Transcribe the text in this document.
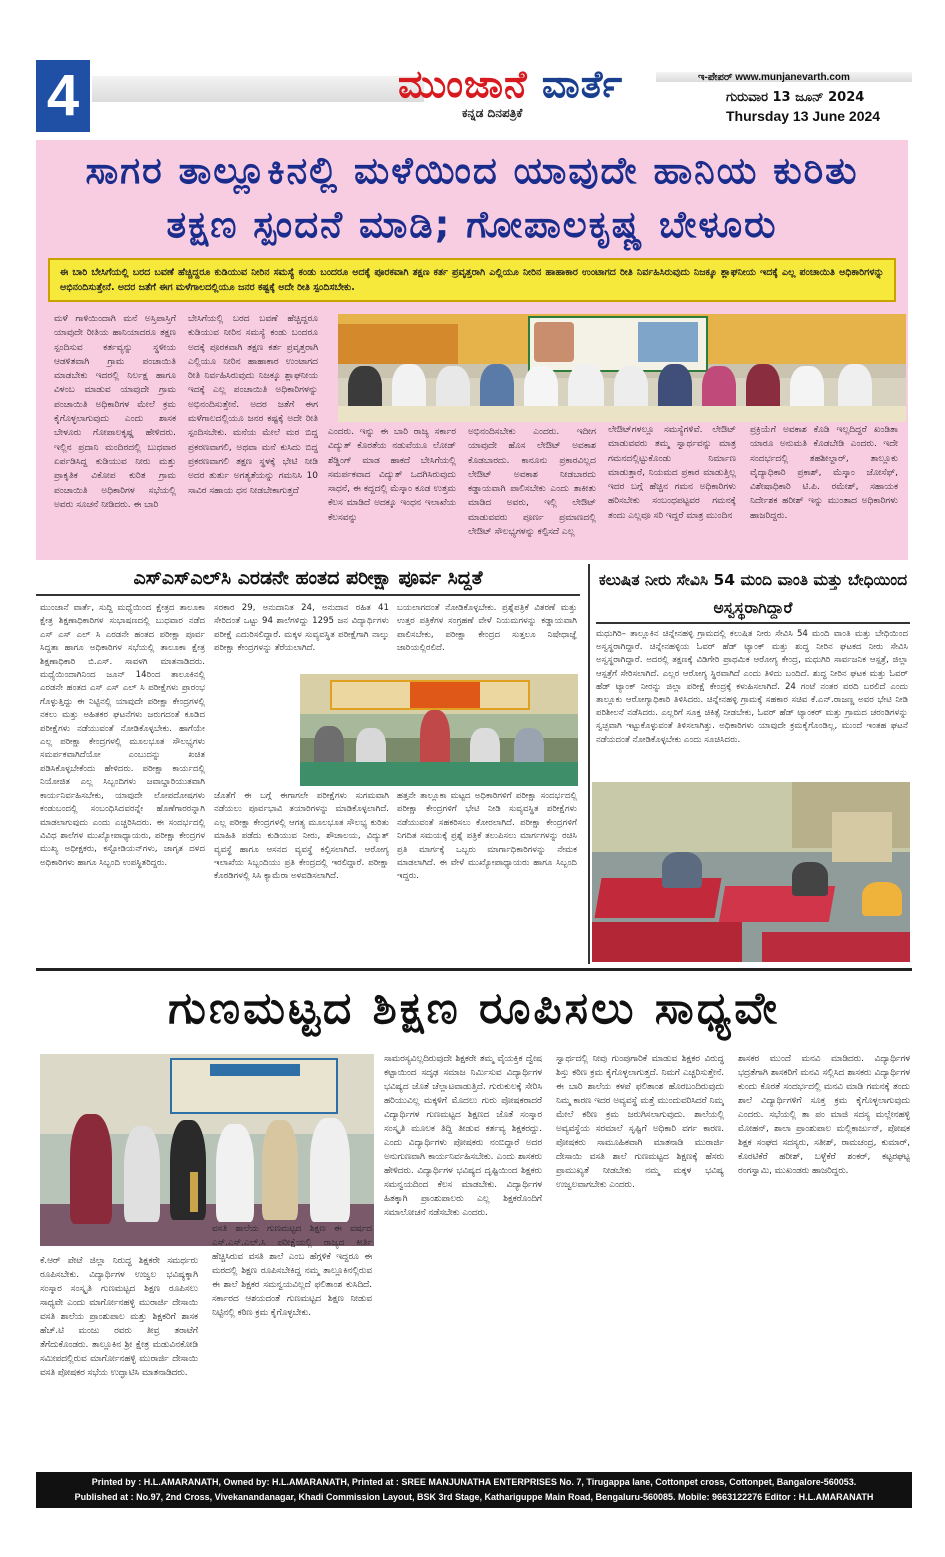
4	ಮುಂಜಾನೆ ವಾರ್ತೆ
ಕನ್ನಡ ದಿನಪತ್ರಿಕೆ
ಇ-ಪೇಪರ್ www.munjanevarth.com
ಗುರುವಾರ 13 ಜೂನ್ 2024
Thursday 13 June 2024
ಸಾಗರ ತಾಲ್ಲೂಕಿನಲ್ಲಿ ಮಳೆಯಿಂದ ಯಾವುದೇ ಹಾನಿಯ ಕುರಿತು ತಕ್ಷಣ ಸ್ಪಂದನೆ ಮಾಡಿ; ಗೋಪಾಲಕೃಷ್ಣ ಬೇಳೂರು
ಈ ಬಾರಿ ಬೇಸಿಗೆಯಲ್ಲಿ ಬರದ ಬವಣೆ ಹೆಚ್ಚಿದ್ದರೂ ಕುಡಿಯುವ ನೀರಿನ ಸಮಸ್ಯೆ ಕಂಡು ಬಂದರೂ ಅದಕ್ಕೆ ಪೂರಕವಾಗಿ ತಕ್ಷಣ ಕರ್ತ ಪ್ರವೃತ್ತರಾಗಿ ಎಲ್ಲಿಯೂ ನೀರಿನ ಹಾಹಾಕಾರ ಉಂಟಾಗದ ರೀತಿ ನಿರ್ವಹಿಸಿರುವುದು ನಿಜಕ್ಕೂ ಶ್ಲಾಘನೀಯ ಇದಕ್ಕೆ ಎಲ್ಲ ಪಂಚಾಯಿತಿ ಅಧಿಕಾರಿಗಳನ್ನು ಅಭಿನಂದಿಸುತ್ತೇನೆ. ಅದರ ಜತೆಗೆ ಈಗ ಮಳೆಗಾಲದಲ್ಲಿಯೂ ಜನರ ಕಷ್ಟಕ್ಕೆ ಅದೇ ರೀತಿ ಸ್ಪಂದಿಸಬೇಕು.
ಮಳೆ ಗಾಳಿಯಿಂದಾಗಿ ಮನೆ ಅಸ್ತಿಪಾಸ್ತಿಗೆ ಯಾವುದೇ ರೀತಿಯ ಹಾನಿಯಾದರೂ ತಕ್ಷಣ ಸ್ಪಂದಿಸುವ ಕರ್ತವ್ಯನ್ನು ಸ್ಥಳೀಯ ಆಡಳಿತವಾಗಿ ಗ್ರಾಮ ಪಂಚಾಯಿತಿ ಮಾಡಬೇಕು ಇದರಲ್ಲಿ ನಿರ್ಲಕ್ಷ ಹಾಗೂ ವಿಳಂಬ ಮಾಡುವ ಯಾವುದೇ ಗ್ರಾಮ ಪಂಚಾಯಿತಿ ಅಧಿಕಾರಿಗಳ ಮೇಲೆ ಕ್ರಮ ಕೈಗೊಳ್ಳಲಾಗುವುದು ಎಂದು ಶಾಸಕ ಬೇಳೂರು ಗೋಪಾಲಕೃಷ್ಣ ಹೇಳಿದರು. ಇಲ್ಲಿನ ಪ್ರದಾನಿ ಮಂದಿರದಲ್ಲಿ ಬುಧವಾರ ಏರ್ಪಡಿಸಿದ್ದ ಕುಡಿಯುವ ನೀರು ಮತ್ತು ಪ್ರಾಕೃತಿಕ ವಿಕೋಪ ಕುರಿತ ಗ್ರಾಮ ಪಂಚಾಯಿತಿ ಅಧಿಕಾರಿಗಳ ಸಭೆಯಲ್ಲಿ ಅವರು ಸೂಚನೆ ನೀಡಿದರು. ಈ ಬಾರಿ
ಬೇಸಿಗೆಯಲ್ಲಿ ಬರದ ಬವಣೆ ಹೆಚ್ಚಿದ್ದರೂ ಕುಡಿಯುವ ನೀರಿನ ಸಮಸ್ಯೆ ಕಂಡು ಬಂದರೂ ಅದಕ್ಕೆ ಪೂರಕವಾಗಿ ತಕ್ಷಣ ಕರ್ತ ಪ್ರವೃತ್ತರಾಗಿ ಎಲ್ಲಿಯೂ ನೀರಿನ ಹಾಹಾಕಾರ ಉಂಟಾಗದ ರೀತಿ ನಿರ್ವಹಿಸಿರುವುದು ನಿಜಕ್ಕೂ ಶ್ಲಾಘನೀಯ ಇದಕ್ಕೆ ಎಲ್ಲ ಪಂಚಾಯಿತಿ ಅಧಿಕಾರಿಗಳನ್ನು ಅಭಿನಂದಿಸುತ್ತೇನೆ. ಅದರ ಜತೆಗೆ ಈಗ ಮಳೆಗಾಲದಲ್ಲಿಯೂ ಜನರ ಕಷ್ಟಕ್ಕೆ ಅದೇ ರೀತಿ ಸ್ಪಂದಿಸಬೇಕು. ಮನೆಯ ಮೇಲೆ ಮರ ಬಿದ್ದ ಪ್ರಕರಣವಾಗಲಿ, ಅಥವಾ ಮನೆ ಕುಸಿದು ಬಿದ್ದ ಪ್ರಕರಣವಾಗಲಿ ತಕ್ಷಣ ಸ್ಥಳಕ್ಕೆ ಭೇಟಿ ನೀಡಿ ಅದರ ತುರ್ತು ಅಗತ್ಯತೆಯನ್ನು ಗಮನಿಸಿ 10 ಸಾವಿರ ಸಹಾಯ ಧನ ನೀಡಬೇಕಾಗುತ್ತದೆ
ಎಂದರು. ಇನ್ನು ಈ ಬಾರಿ ರಾಜ್ಯ ಸರ್ಕಾರ ವಿದ್ಯುತ್ ಕೊರತೆಯ ನಡುವೆಯೂ ಲೋಡ್ ಶೆಡ್ಡಿಂಗ್ ಮಾಡ ಹಾಕದೆ ಬೇಸಿಗೆಯಲ್ಲಿ ಸಮರ್ಪಕವಾದ ವಿದ್ಯುತ್ ಒದಗಿಸಿರುವುದು ಸಾಧನೆ, ಈ ಕದ್ದದಲ್ಲಿ ಮೆಸ್ಕಾಂ ಕೂಡ ಉತ್ತಮ ಕೆಲಸ ಮಾಡಿದೆ ಅದಕ್ಕೂ ಇಂಧನ ಇಲಾಖೆಯ ಕೆಲಸವನ್ನು
ಅಭಿನಂದಿಸಬೇಕು ಎಂದರು. ಇದೀಗ ಯಾವುದೇ ಹೊಸ ಲೇಔಟ್ ಅವಕಾಶ ಕೊಡಬಾರದು. ಕಾನೂನು ಪ್ರಕಾರವಿಲ್ಲದ ಲೇಔಟ್ ಅವಕಾಶ ನೀಡಬಾರದು ಕಡ್ಡಾಯವಾಗಿ ಪಾಲಿಸಬೇಕು ಎಂದು ತಾಕೀತು ಮಾಡಿದ ಅವರು, ಇಲ್ಲಿ ಲೇಔಟ್ ಮಾಡುವವರು ಪೂರ್ಣ ಪ್ರಮಾಣದಲ್ಲಿ ಲೇಔಟ್ ಸೌಲಭ್ಯಗಳನ್ನು ಕಲ್ಪಿಸದೆ ಎಲ್ಲ
ಲೇಔಟ್‌ಗಳಲ್ಲೂ ಸಮಸ್ಯೆಗಳಿವೆ. ಲೇಔಟ್ ಮಾಡುವವರು ತಮ್ಮ ಸ್ವಾರ್ಥವನ್ನು ಮಾತ್ರ ಗಮನದಲ್ಲಿಟ್ಟುಕೊಂಡು ನಿರ್ಮಾಣ ಮಾಡುತ್ತಾರೆ, ನಿಯಮದ ಪ್ರಕಾರ ಮಾಡುತ್ತಿಲ್ಲ ಇದರ ಬಗ್ಗೆ ಹೆಚ್ಚಿನ ಗಮನ ಅಧಿಕಾರಿಗಳು ಹರಿಸಬೇಕು ಸಂಬಂಧಪಟ್ಟವರ ಗಮನಕ್ಕೆ ತಂದು ಎಲ್ಲವೂ ಸರಿ ಇದ್ದರೆ ಮಾತ್ರ ಮುಂದಿನ
ಪ್ರಕ್ರಿಯೆಗೆ ಅವಕಾಶ ಕೊಡಿ ಇಲ್ಲದಿದ್ದರೆ ಖಂಡಿತಾ ಯಾರೂ ಅನುಮತಿ ಕೊಡಬೇಡಿ ಎಂದರು. ಇದೇ ಸಂದರ್ಭದಲ್ಲಿ ತಹಶೀಲ್ದಾರ್, ತಾಲ್ಲೂಕು ವೈದ್ಯಾಧಿಕಾರಿ ಪ್ರಕಾಶ್, ಮೆಸ್ಕಾಂ ಜೋಸೆಫ್, ವಿಶೇಷಾಧಿಕಾರಿ ಟಿ.ಪಿ. ರಮೇಶ್, ಸಹಾಯಕ ನಿರ್ದೇಶಕ ಹರೀಶ್ ಇನ್ನು ಮುಂತಾದ ಅಧಿಕಾರಿಗಳು ಹಾಜರಿದ್ದರು.
ಎಸ್‌ಎಸ್‌ಎಲ್‌ಸಿ ಎರಡನೇ ಹಂತದ ಪರೀಕ್ಷಾ ಪೂರ್ವ ಸಿದ್ದತೆ
ಮುಂಜಾನೆ ವಾರ್ತೆ, ಸುದ್ದಿ ಮಧ್ಯೆಯಿಂದ ಕ್ಷೇತ್ರದ ತಾಲೂಕಾ ಕ್ಷೇತ್ರ ಶಿಕ್ಷಣಾಧಿಕಾರಿಗಳ ಸುಭಾಷಣದಲ್ಲಿ ಬುಧವಾರ ನಡೆದ ಎಸ್ ಎಸ್ ಎಲ್ ಸಿ ಎರಡನೇ ಹಂತದ ಪರೀಕ್ಷಾ ಪೂರ್ವ ಸಿದ್ದತಾ ಹಾಗೂ ಅಧಿಕಾರಿಗಳ ಸಭೆಯಲ್ಲಿ ತಾಲೂಕಾ ಕ್ಷೇತ್ರ ಶಿಕ್ಷಣಾಧಿಕಾರಿ ಬಿ.ಎಸ್. ಸಾವಳಗಿ ಮಾತನಾಡಿದರು. ಮಧ್ಯೆಯಿಂದಾಗಿನಿಂದ ಜೂನ್ 14ರಿಂದ ತಾಲೂಕಿನಲ್ಲಿ ಎರಡನೇ ಹಂತದ ಎಸ್ ಎಸ್ ಎಲ್ ಸಿ ಪರೀಕ್ಷೆಗಳು ಪ್ರಾರಂಭ ಗೊಳ್ಳುತ್ತಿದ್ದು ಈ ನಿಟ್ಟಿನಲ್ಲಿ ಯಾವುದೇ ಪರೀಕ್ಷಾ ಕೇಂದ್ರಗಳಲ್ಲಿ ನಕಲು ಮತ್ತು ಅಹಿತಕರ ಘಟನೆಗಳು ಜರುಗದಂತೆ ಕೂಡಿದ ಪರೀಕ್ಷೆಗಳು ನಡೆಯುವಂತೆ ನೋಡಿಕೊಳ್ಳಬೇಕು. ಹಾಗೆಯೇ ಎಲ್ಲ ಪರೀಕ್ಷಾ ಕೇಂದ್ರಗಳಲ್ಲಿ ಮೂಲಭೂತ ಸೌಲಭ್ಯಗಳು ಸಮರ್ಪಕವಾಗಿದೆಯೋ ಎಂಬುದನ್ನು ಖಚಿತ ಪಡಿಸಿಕೊಳ್ಳಬೇಕೆಂದು ಹೇಳಿದರು. ಪರೀಕ್ಷಾ ಕಾರ್ಯದಲ್ಲಿ ನಿಯೋಜಿತ ಎಲ್ಲ ಸಿಬ್ಬಂದಿಗಳು ಜವಾಬ್ದಾರಿಯುತವಾಗಿ ಕಾರ್ಯನಿರ್ವಹಿಸಬೇಕು, ಯಾವುದೇ ಲೋಪದೋಷಗಳು ಕಂಡುಬಂದಲ್ಲಿ ಸಂಬಂಧಿಸಿದವರನ್ನೇ ಹೊಣೆಗಾರರನ್ನಾಗಿ ಮಾಡಲಾಗುವುದು ಎಂದು ಎಚ್ಚರಿಸಿದರು. ಈ ಸಂದರ್ಭದಲ್ಲಿ ವಿವಿಧ ಶಾಲೆಗಳ ಮುಖ್ಯೋಪಾಧ್ಯಾಯರು, ಪರೀಕ್ಷಾ ಕೇಂದ್ರಗಳ ಮುಖ್ಯ ಅಧೀಕ್ಷಕರು, ಕಸ್ಟೋಡಿಯನ್‌ಗಳು, ಜಾಗೃತ ದಳದ ಅಧಿಕಾರಿಗಳು ಹಾಗೂ ಸಿಬ್ಬಂದಿ ಉಪಸ್ಥಿತರಿದ್ದರು.
ಸರಕಾರ 29, ಅನುದಾನಿತ 24, ಅನುದಾನ ರಹಿತ 41 ಸೇರಿದಂತೆ ಒಟ್ಟು 94 ಶಾಲೆಗಳಿದ್ದು 1295 ಜನ ವಿದ್ಯಾರ್ಥಿಗಳು ಪರೀಕ್ಷೆ ಎದುರಿಸಲಿದ್ದಾರೆ. ಮಕ್ಕಳ ಸುವ್ಯವಸ್ಥಿತ ಪರೀಕ್ಷೆಗಾಗಿ ನಾಲ್ಕು ಪರೀಕ್ಷಾ ಕೇಂದ್ರಗಳನ್ನು ತೆರೆಯಲಾಗಿದೆ.
ಬಯಲಾಗದಂತೆ ನೋಡಿಕೊಳ್ಳಬೇಕು. ಪ್ರಶ್ನೆಪತ್ರಿಕೆ ವಿತರಣೆ ಮತ್ತು ಉತ್ತರ ಪತ್ರಿಕೆಗಳ ಸಂಗ್ರಹಣೆ ವೇಳೆ ನಿಯಮಗಳನ್ನು ಕಡ್ಡಾಯವಾಗಿ ಪಾಲಿಸಬೇಕು, ಪರೀಕ್ಷಾ ಕೇಂದ್ರದ ಸುತ್ತಲೂ ನಿಷೇಧಾಜ್ಞೆ ಜಾರಿಯಲ್ಲಿರಲಿದೆ.
ಜೊತೆಗೆ ಈ ಬಗ್ಗೆ ಈಗಾಗಲೇ ಪರೀಕ್ಷೆಗಳು ಸುಗಮವಾಗಿ ನಡೆಯಲು ಪೂರ್ವಭಾವಿ ತಯಾರಿಗಳನ್ನು ಮಾಡಿಕೊಳ್ಳಲಾಗಿದೆ. ಎಲ್ಲ ಪರೀಕ್ಷಾ ಕೇಂದ್ರಗಳಲ್ಲಿ ಆಗತ್ಯ ಮೂಲಭೂತ ಸೌಲಭ್ಯ ಕುರಿತು ಮಾಹಿತಿ ಪಡೆದು ಕುಡಿಯುವ ನೀರು, ಶೌಚಾಲಯ, ವಿದ್ಯುತ್ ವ್ಯವಸ್ಥೆ ಹಾಗೂ ಆಸನದ ವ್ಯವಸ್ಥೆ ಕಲ್ಪಿಸಲಾಗಿದೆ. ಆರೋಗ್ಯ ಇಲಾಖೆಯ ಸಿಬ್ಬಂದಿಯು ಪ್ರತಿ ಕೇಂದ್ರದಲ್ಲಿ ಇರಲಿದ್ದಾರೆ. ಪರೀಕ್ಷಾ ಕೊಠಡಿಗಳಲ್ಲಿ ಸಿಸಿ ಕ್ಯಾಮೆರಾ ಅಳವಡಿಸಲಾಗಿದೆ.
ಹತ್ತನೇ ತಾಲ್ಲೂಕಾ ಮಟ್ಟದ ಅಧಿಕಾರಿಗಳಿಗೆ ಪರೀಕ್ಷಾ ಸಂದರ್ಭದಲ್ಲಿ ಪರೀಕ್ಷಾ ಕೇಂದ್ರಗಳಿಗೆ ಭೇಟಿ ನೀಡಿ ಸುವ್ಯವಸ್ಥಿತ ಪರೀಕ್ಷೆಗಳು ನಡೆಯುವಂತೆ ಸಹಕರಿಸಲು ಕೋರಲಾಗಿದೆ. ಪರೀಕ್ಷಾ ಕೇಂದ್ರಗಳಿಗೆ ನಿಗದಿತ ಸಮಯಕ್ಕೆ ಪ್ರಶ್ನೆ ಪತ್ರಿಕೆ ತಲುಪಿಸಲು ಮಾರ್ಗಗಳನ್ನು ರಚಿಸಿ ಪ್ರತಿ ಮಾರ್ಗಕ್ಕೆ ಒಬ್ಬರು ಮಾರ್ಗಾಧಿಕಾರಿಗಳನ್ನು ನೇಮಕ ಮಾಡಲಾಗಿದೆ. ಈ ವೇಳೆ ಮುಖ್ಯೋಪಾಧ್ಯಾಯರು ಹಾಗೂ ಸಿಬ್ಬಂದಿ ಇದ್ದರು.
ಕಲುಷಿತ ನೀರು ಸೇವಿಸಿ 54 ಮಂದಿ ವಾಂತಿ ಮತ್ತು ಬೇಧಿಯಿಂದ ಅಸ್ವಸ್ಥರಾಗಿದ್ದಾರೆ
ಮಧುಗಿರಿ– ತಾಲ್ಲೂಕಿನ ಚಿನ್ನೇನಹಳ್ಳಿ ಗ್ರಾಮದಲ್ಲಿ ಕಲುಷಿತ ನೀರು ಸೇವಿಸಿ 54 ಮಂದಿ ವಾಂತಿ ಮತ್ತು ಬೇಧಿಯಿಂದ ಅಸ್ವಸ್ಥರಾಗಿದ್ದಾರೆ. ಚಿನ್ನೇನಹಳ್ಳಿಯ ಓವರ್ ಹೆಡ್ ಟ್ಯಾಂಕ್ ಮತ್ತು ಶುದ್ಧ ನೀರಿನ ಘಟಕದ ನೀರು ಸೇವಿಸಿ ಅಸ್ವಸ್ಥರಾಗಿದ್ದಾರೆ. ಅದರಲ್ಲಿ ತಕ್ಷಣಕ್ಕೆ ವಿಡಿಗೇರಿ ಪ್ರಾಥಮಿಕ ಆರೋಗ್ಯ ಕೇಂದ್ರ, ಮಧುಗಿರಿ ಸಾರ್ವಜನಿಕ ಆಸ್ಪತ್ರೆ, ಜಿಲ್ಲಾ ಆಸ್ಪತ್ರೆಗೆ ಸೇರಿಸಲಾಗಿದೆ. ಎಲ್ಲರ ಆರೋಗ್ಯ ಸ್ಥಿರವಾಗಿದೆ ಎಂದು ತಿಳಿದು ಬಂದಿದೆ. ಶುದ್ಧ ನೀರಿನ ಘಟಕ ಮತ್ತು ಓವರ್ ಹೆಡ್ ಟ್ಯಾಂಕ್ ನೀರನ್ನು ಜಿಲ್ಲಾ ಪರೀಕ್ಷೆ ಕೇಂದ್ರಕ್ಕೆ ಕಳುಹಿಸಲಾಗಿದೆ. 24 ಗಂಟೆ ನಂತರ ವರದಿ ಬರಲಿದೆ ಎಂದು ತಾಲ್ಲೂಕು ಆರೋಗ್ಯಾಧಿಕಾರಿ ತಿಳಿಸಿದರು. ಚಿನ್ನೇನಹಳ್ಳಿ ಗ್ರಾಮಕ್ಕೆ ಸಹಕಾರ ಸಚಿವ ಕೆ.ಎನ್.ರಾಜಣ್ಣ ಅವರ ಭೇಟಿ ನೀಡಿ ಪರಿಶೀಲನೆ ನಡೆಸಿದರು. ಎಲ್ಲರಿಗೆ ಸೂಕ್ತ ಚಿಕಿತ್ಸೆ ನೀಡಬೇಕು, ಓವರ್ ಹೆಡ್ ಟ್ಯಾಂಕರ್ ಮತ್ತು ಗ್ರಾಮದ ಚರಂಡಿಗಳನ್ನು ಸ್ವಚ್ಛವಾಗಿ ಇಟ್ಟುಕೊಳ್ಳುವಂತೆ ತಿಳಿಸಲಾಗಿತ್ತು. ಅಧಿಕಾರಿಗಳು ಯಾವುದೇ ಕ್ರಮಕೈಗೊಂಡಿಲ್ಲ, ಮುಂದೆ ಇಂತಹ ಘಟನೆ ನಡೆಯದಂತೆ ನೋಡಿಕೊಳ್ಳಬೇಕು ಎಂದು ಸೂಚಿಸಿದರು.
ಗುಣಮಟ್ಟದ ಶಿಕ್ಷಣ ರೂಪಿಸಲು ಸಾಧ್ಯವೇ
ಕೆ.ಆರ್ ಪೇಟೆ ಜಿಲ್ಲಾ ನಿರುದ್ಧ ಶಿಕ್ಷಕರೇ ಸಮರ್ಥರು ರೂಪಿಸಬೇಕು. ವಿದ್ಯಾರ್ಥಿಗಳ ಉಜ್ವಲ ಭವಿಷ್ಯಕ್ಕಾಗಿ ಸಂಸ್ಕಾರ ಸಂಸ್ಕೃತಿ ಗುಣಮಟ್ಟದ ಶಿಕ್ಷಣ ರೂಪಿಸಲು ಸಾಧ್ಯವೇ ಎಂದು ಮಾರ್ಗೋನಹಳ್ಳಿ ಮುರಾರ್ಜಿ ದೇಸಾಯಿ ವಸತಿ ಶಾಲೆಯ ಪ್ರಾಂಶುಪಾಲ ಮತ್ತು ಶಿಕ್ಷಕರಿಗೆ ಶಾಸಕ ಹೆಚ್.ಟಿ ಮಂಜು ರವರು ತೀವ್ರ ತರಾಟೆಗೆ ತೆಗೆದುಕೊಂಡರು. ತಾಲ್ಲೂಕಿನ ಶ್ರೀ ಕ್ಷೇತ್ರ ಮಡುವಿನಕೋಡಿ ಸಮೀಪದಲ್ಲಿರುವ ಮಾರ್ಗೋನಹಳ್ಳಿ ಮುರಾರ್ಜಿ ದೇಸಾಯಿ ವಸತಿ ಪೋಷಕರ ಸಭೆಯ ಉದ್ಘಾಟಿಸಿ ಮಾತನಾಡಿದರು.
ವಸತಿ ಶಾಲೆಯ ಗುಣಮಟ್ಟದ ಶಿಕ್ಷಣ ಈ ವರ್ಷದ ಎಸ್.ಎಸ್.ಎಲ್.ಸಿ ಪರೀಕ್ಷೆಯಲ್ಲಿ ರಾಜ್ಯದ ಕೀರ್ತಿ ಹೆಚ್ಚಿಸಿರುವ ವಸತಿ ಶಾಲೆ ಎಂಬ ಹೆಗ್ಗಳಿಕೆ ಇದ್ದರೂ ಈ ಮರದಲ್ಲಿ ಶಿಕ್ಷಣ ರೂಪಿಸಬೇಕಿದ್ದ ನಮ್ಮ ತಾಲ್ಲೂಕಿನಲ್ಲಿರುವ ಈ ಶಾಲೆ ಶಿಕ್ಷಕರ ಸಮನ್ವಯವಿಲ್ಲದೆ ಫಲಿತಾಂಶ ಕುಸಿದಿದೆ. ಸರ್ಕಾರದ ಆಶಯದಂತೆ ಗುಣಮಟ್ಟದ ಶಿಕ್ಷಣ ನೀಡುವ ನಿಟ್ಟಿನಲ್ಲಿ ಕಠಿಣ ಕ್ರಮ ಕೈಗೊಳ್ಳಬೇಕು.
ಸಾಮರಸ್ಯವಿಲ್ಲದಿರುವುದೇ ಶಿಕ್ಷಕರೇ ತಮ್ಮ ವೈಯಕ್ತಿಕ ದ್ವೇಷ ಕಟ್ಟಾಯಿಂದ ಸದೃಢ ಸಮಾಜ ನಿರ್ಮಿಸುವ ವಿದ್ಯಾರ್ಥಿಗಳ ಭವಿಷ್ಯದ ಜೊತೆ ಚೆಲ್ಲಾಟವಾಡುತ್ತಿದೆ. ಗುರುಕುಲಕ್ಕೆ ಸೇರಿಸಿ ಹರಿಯುವಿಲ್ಲ ಮಕ್ಕಳಿಗೆ ಮೊದಲು ಗುರು ಪೋಷಕರಾದರೆ ವಿದ್ಯಾರ್ಥಿಗಳ ಗುಣಮಟ್ಟದ ಶಿಕ್ಷಣದ ಜೊತೆ ಸಂಸ್ಕಾರ ಸಂಸ್ಕೃತಿ ಮೂಲಕ ತಿದ್ದಿ ತೀಡುವ ಕರ್ತವ್ಯ ಶಿಕ್ಷಕರದ್ದು. ಎಂದು ವಿದ್ಯಾರ್ಥಿಗಳು ಪೋಷಕರು ನಂಬಿದ್ದಾರೆ ಅದರ ಅನುಗುಣವಾಗಿ ಕಾರ್ಯನಿರ್ವಹಿಸಬೇಕು. ಎಂದು ಶಾಸಕರು ಹೇಳಿದರು. ವಿದ್ಯಾರ್ಥಿಗಳ ಭವಿಷ್ಯದ ದೃಷ್ಟಿಯಿಂದ ಶಿಕ್ಷಕರು ಸಮನ್ವಯದಿಂದ ಕೆಲಸ ಮಾಡಬೇಕು. ವಿದ್ಯಾರ್ಥಿಗಳ ಹಿತಕ್ಕಾಗಿ ಪ್ರಾಂಶುಪಾಲರು ಎಲ್ಲ ಶಿಕ್ಷಕರೊಂದಿಗೆ ಸಮಾಲೋಚನೆ ನಡೆಸಬೇಕು ಎಂದರು.
ಸ್ವಾರ್ಥದಲ್ಲಿ ನೀವು ಗುಂಪುಗಾರಿಕೆ ಮಾಡುವ ಶಿಕ್ಷಕರ ವಿರುದ್ಧ ಶಿಸ್ತು ಕಠಿಣ ಕ್ರಮ ಕೈಗೊಳ್ಳಲಾಗುತ್ತದೆ. ನಿಮಗೆ ಎಚ್ಚರಿಸುತ್ತೇನೆ. ಈ ಬಾರಿ ಶಾಲೆಯ ಕಳಪೆ ಫಲಿತಾಂಶ ಹೊರಬಂದಿರುವುದು ನಿಮ್ಮ ಕಾರಣ ಇದರ ಅವ್ಯವಸ್ಥೆ ಮತ್ತೆ ಮುಂದುವರಿಸಿದರೆ ನಿಮ್ಮ ಮೇಲೆ ಕಠಿಣ ಕ್ರಮ ಜರುಗಿಸಲಾಗುವುದು. ಶಾಲೆಯಲ್ಲಿ ಅವ್ಯವಸ್ಥೆಯ ಸರಮಾಲೆ ಸೃಷ್ಟಿಗೆ ಅಧಿಕಾರಿ ವರ್ಗ ಕಾರಣ. ಪೋಷಕರು ಸಾಮೂಹಿಕವಾಗಿ ಮಾತನಾಡಿ ಮುರಾರ್ಜಿ ದೇಸಾಯಿ ವಸತಿ ಶಾಲೆ ಗುಣಮಟ್ಟದ ಶಿಕ್ಷಣಕ್ಕೆ ಹೆಸರು ಪ್ರಾಮುಖ್ಯತೆ ನೀಡಬೇಕು ನಮ್ಮ ಮಕ್ಕಳ ಭವಿಷ್ಯ ಉಜ್ವಲವಾಗಬೇಕು ಎಂದರು.
ಶಾಸಕರ ಮುಂದೆ ಮನವಿ ಮಾಡಿದರು. ವಿದ್ಯಾರ್ಥಿಗಳ ಭದ್ರತೆಗಾಗಿ ಶಾಸಕರಿಗೆ ಮನವಿ ಸಲ್ಲಿಸಿದ ಶಾಸಕರು ವಿದ್ಯಾರ್ಥಿಗಳ ಕುಂದು ಕೊರತೆ ಸಂದರ್ಭದಲ್ಲಿ ಮನವಿ ಮಾಡಿ ಗಮನಕ್ಕೆ ತಂದು ಶಾಲೆ ವಿದ್ಯಾರ್ಥಿಗಳಿಗೆ ಸೂಕ್ತ ಕ್ರಮ ಕೈಗೊಳ್ಳಲಾಗುವುದು ಎಂದರು. ಸಭೆಯಲ್ಲಿ ತಾ ಪಂ ಮಾಜಿ ಸದಸ್ಯ ಮಲ್ಲೇನಹಳ್ಳಿ ಮೋಹನ್, ಶಾಲಾ ಪ್ರಾಂಶುಪಾಲ ಮಲ್ಲಿಕಾರ್ಜುನ್, ಪೋಷಕ ಶಿಕ್ಷಕ ಸಂಘದ ಸದಸ್ಯರು, ಸತೀಶ್, ರಾಮಚಂದ್ರ, ಕುಮಾರ್, ಕೊರಟಿಕೆರೆ ಹರೀಶ್, ಬಳ್ಳೆಕೆರೆ ಶಂಕರ್, ಕಟ್ಟರಘಟ್ಟ ರಂಗಸ್ವಾಮಿ, ಮುಖಂಡರು ಹಾಜರಿದ್ದರು.
Printed by : H.L.AMARANATH, Owned by: H.L.AMARANATH, Printed at : SREE MANJUNATHA ENTERPRISES No. 7, Tirugappa lane, Cottonpet cross, Cottonpet, Bangalore-560053.
Published at : No.97, 2nd Cross, Vivekanandanagar, Khadi Commission Layout, BSK 3rd Stage, Katharigupp​e Main Road, Bengaluru-560085. Mobile: 9663122276 Editor : H.L.AMARANATH
